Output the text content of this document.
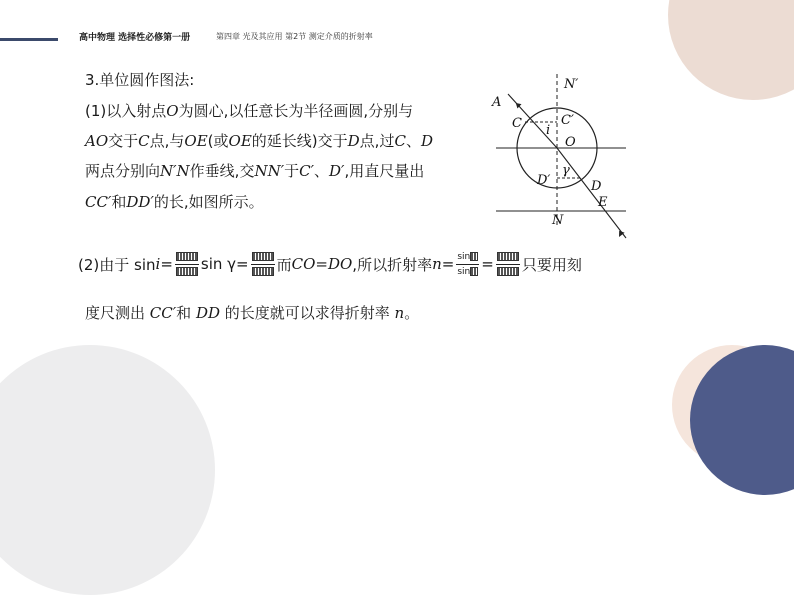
高中物理 选择性必修第一册	第四章 光及其应用 第2节 测定介质的折射率
3.单位圆作图法:
(1)以入射点O为圆心,以任意长为半径画圆,分别与
AO交于C点,与OE(或OE的延长线)交于D点,过C、D
两点分别向N′N作垂线,交NN′于C′、D′,用直尺量出
CC′和DD′的长,如图所示。
(2)由于 sin i = sin γ= 而 CO=DO ,所以折射率 $n = \frac{\sin}{\sin}$ = 只要用刻
度尺测出 CC′和 DD 的长度就可以求得折射率 n。
A
C i
C′
O
N′
D′
γ
D
E
N
